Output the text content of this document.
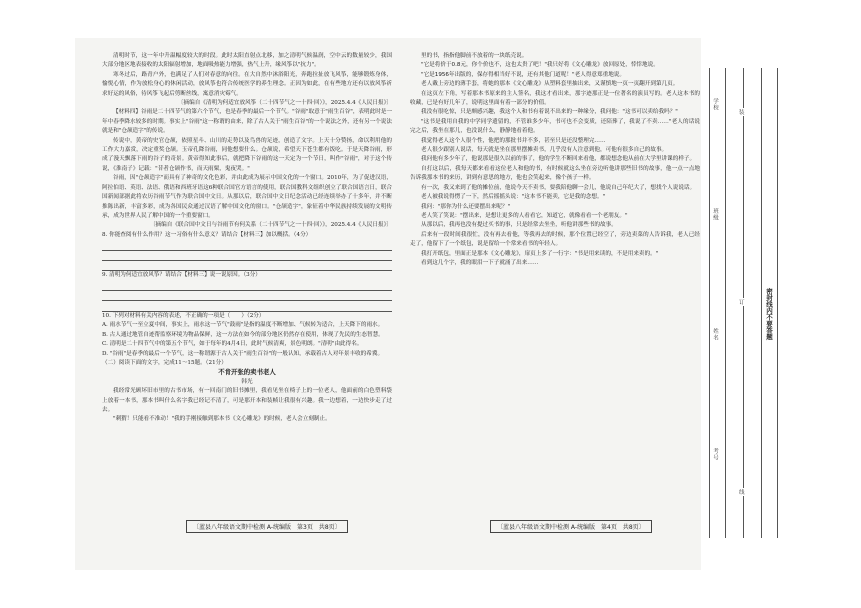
清明时节，这一年中升温幅度较大的时段。此时太阳直射点北移，加之清明气候温润，空中云的数量较少，我国大部分地区地表接收的太阳辐射增加，地面吸热能力增强，热气上升，缘风筝以"抗力"。

寒冬过后，路青户外，也满足了人们对春意的向往。在大自然中沐浴阳光，奔跑拉扯放飞风筝，能够锻炼身体，愉悦心情，作为放松身心的休闲活动，放风筝也符合传统医学的养生理念。正因为如此，在有些地方还有以放风筝祈求好运的风俗，待风筝飞起后剪断丝线，寓意消灾霉气。

〔摘编自《清明为何适宜放风筝（二十四节气之一十四·回）》，2025.4.4《人民日报》〕

【材料四】谷雨是二十四节气的第六个节气，也是春季的最后一个节气。"谷雨"取意于"雨生百谷"，表明此时是一年中春季降水较多的时期。事实上"谷雨"这一称谓的由来，除了古人关于"雨生百谷"的一个说法之外，还有另一个说法就是和"仓颉造字"的传说。

传说中，黄帝的史官仓颉，依照星斗、山川的走势以及鸟兽的足迹，创造了文字。上天十分赞扬，命以利用他的工作大力嘉赏，决定重奖仓颉。玉帝孔降谷雨，同他想要什么。仓颉说，希望天下苍生都有饭吃。于是天降谷雨，形成了漫天飘落下雨的谷子的奇景。黄帝得知此事后，就把降下谷雨的这一天定为一个节日，叫作"谷雨"，对于这个传说，《淮南子》记载："昔者仓颉作书，而天雨粟，鬼夜哭。"

谷雨，因"仓颉造字"而具有了神奇的文化色彩，并由此成为展示中国文化的一个窗口。2010年，为了促进汉语，阿拉伯语、英语、法语、俄语和西班牙语这6种联合国官方语言的使用，联合国教科文组织创立了联合国语言日，联合国新闻部据此将农历谷雨节气作为联合国中文日。从那以后，联合国中文日纪念活动已经连续举办了十多年，并不断推陈出新，丰富多彩，成为各国民众通过汉语了解中国文化的窗口。"仓颉造字"，象征着中华民族持续发展的文明传承，成为世界人民了解中国的一个重要窗口。

〔摘编自《联合国中文日与谷雨节有何关系（二十四节气之一十四·回）》，2025.4.4《人民日报》〕

8. 你能查阅有什么作用？这一习俗有什么意义？请结合【材料三】加以概括。（4分）

9. 清明为何适宜放风筝？请结合【材料三】说一说原因。（3分）

10. 下列对材料有关内容的表述，不正确的一项是（　　）（2分）

A. 雨水节气一至立夏中间，事实上，雨水这一节气"鼓雨"是指的温度不断增加、气候转为适合，上天降下的雨水。

B. 古人通过地管自迹帮监察环境为物品保鲜，这一方法在如今的部分地区仍然存在使用，体现了先民的生态智慧。

C. 清明是二十四节气中的第五个节气，如于每年的4月4日，此时气候清爽，景色明朗。"清明"由此得名。

D. "谷雨"是春季的最后一个节气，这一称谓源于古人关于"雨生百谷"的一般认知，承载着古人对年景丰收的希冀。

（二）阅读下面的文字，完成11～15题。（21分）

不肯开张的卖书老人

韩光

我经常光顾坏旧市里的古书市场，有一回南门的旧书摊里，我看见坐在椅子上的一位老人，他面前的白色塑料袋上放着一本书，那本书叫什么名字我已经记不清了，可是那开本和装帧让我很有兴趣。我一边想着，一边快步走了过去。

"刺猬！只能看不准动！"我的手刚接触到那本书《文心雕龙》的时候，老人会立刻制止。

〔蓝县八年级语文期中检测 A-统编版　第3页　共8页〕

里的书，指指他脚前不放着的一块纸壳说。

"它是将价于0.8元，你个价也不，这也太贵了吧！"我只好将《文心雕龙》放回原处，悻悻地说。

"它是1956年出版的，保存得相当好不说，还有其他门道呢！"老人得意郑重地说。

老人戴上旁边的薄手套，将她的那本《文心雕龙》从塑料套里抽出来，又谨慎地一页一页翻开到第几页。

在这页左下角，写着那本书原来的主人签名，我这才看出来，那字迹那正是一位著名的演员写的。老人这本书的收藏，已是有好几年了，说明这里面有着一部分的价值。

我没有很吃惊，只是颇感兴趣，我这个人和书有着说不出来的一种缘分，我问他："这书可以卖给我吗？"

"这书是我用自我的中学同学遗留的，不管谁多少年，书可也不会变质，还陪葬了，我说了不卖……"老人的话说完之后，我坐在那儿，也没说什么，静静地看着他。

我觉得老人这个人很个性，他把的那批书并不多，甚至只是还没整理完……

老人很少跟别人说话，每天就是坐在那里摆摊卖书，几乎没有人注意到他，可他有很多自己的故事。

我问他有多少年了，他说那是很久以前的事了，他的学生不断回来看他，都说想念他从前在大学里讲课的样子。

自打这以后，我每天都来看看这位老人和他的书，有时候就这么坐在旁边听他讲那些旧书的故事，他一点一点地告诉我那本书的来历，讲到有意思的地方，他也会笑起来，像个孩子一样。

有一次，我又来到了他的摊位前，他说今天不卖书，要我陪他聊一会儿，他说自己年纪大了，想找个人说说话。

老人被我说得愣了一下，然后摇摇头说："这本书不能卖，它是我的念想。"

我问："那你为什么还要摆出来呢？"

老人笑了笑说："摆出来，是想让更多的人看看它，知道它，就像看看一个老朋友。"

从那以后，我再也没有提过买书的事，只是经常去坐坐，听他讲那些书的故事。

后来有一段时间我很忙，没有再去看他，等我再去的时候，那个位置已经空了，旁边卖菜的人告诉我，老人已经走了，他留下了一个纸包，说是留给一个常来看书的年轻人。

我打开纸包，里面正是那本《文心雕龙》，扉页上多了一行字："书是用来读的，不是用来卖的。"

看到这几个字，我的眼泪一下子就涌了出来……

〔蓝县八年级语文期中检测 A-统编版　第4页　共8页〕
学校
班级
姓名
考号
装
订
线
密封线内不要答题
